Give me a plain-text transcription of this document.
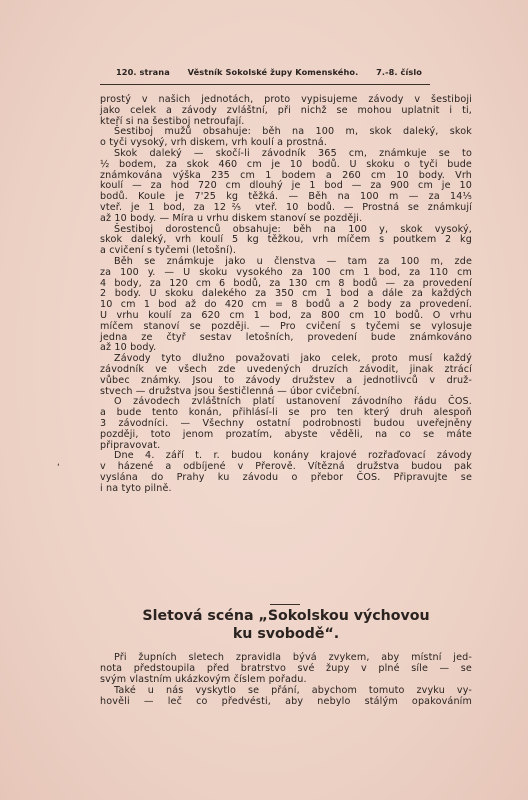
120. strana Věstník Sokolské župy Komenského. 7.-8. číslo
prostý v našich jednotách, proto vypisujeme závody v šestiboji
jako celek a závody zvláštní, při nichž se mohou uplatnit i ti,
kteří si na šestiboj netroufají.
Šestiboj mužů obsahuje: běh na 100 m, skok daleký, skok
o tyči vysoký, vrh diskem, vrh koulí a prostná.
Skok daleký — skočí-li závodník 365 cm, známkuje se to
½ bodem, za skok 460 cm je 10 bodů. U skoku o tyči bude
známkována výška 235 cm 1 bodem a 260 cm 10 body. Vrh
koulí — za hod 720 cm dlouhý je 1 bod — za 900 cm je 10
bodů. Koule je 7'25 kg těžká. — Běh na 100 m — za 14⅕
vteř. je 1 bod, za 12⅖ vteř. 10 bodů. — Prostná se známkují
až 10 body. — Míra u vrhu diskem stanoví se později.
Šestiboj dorostenců obsahuje: běh na 100 y, skok vysoký,
skok daleký, vrh koulí 5 kg těžkou, vrh míčem s poutkem 2 kg
a cvičení s tyčemi (letošní).
Běh se známkuje jako u členstva — tam za 100 m, zde
za 100 y. — U skoku vysokého za 100 cm 1 bod, za 110 cm
4 body, za 120 cm 6 bodů, za 130 cm 8 bodů — za provedení
2 body. U skoku dalekého za 350 cm 1 bod a dále za každých
10 cm 1 bod až do 420 cm = 8 bodů a 2 body za provedení.
U vrhu koulí za 620 cm 1 bod, za 800 cm 10 bodů. O vrhu
míčem stanoví se později. — Pro cvičení s tyčemi se vylosuje
jedna ze čtyř sestav letošních, provedení bude známkováno
až 10 body.
Závody tyto dlužno považovati jako celek, proto musí každý
závodník ve všech zde uvedených druzích závodit, jinak ztrácí
vůbec známky. Jsou to závody družstev a jednotlivců v druž-
stvech — družstva jsou šestičlenná — úbor cvičební.
O závodech zvláštních platí ustanovení závodního řádu ČOS.
a bude tento konán, přihlásí-li se pro ten který druh alespoň
3 závodníci. — Všechny ostatní podrobnosti budou uveřejněny
později, toto jenom prozatím, abyste věděli, na co se máte
připravovat.
Dne 4. září t. r. budou konány krajové rozřaďovací závody
v házené a odbíjené v Přerově. Vítězná družstva budou pak
vyslána do Prahy ku závodu o přebor ČOS. Připravujte se
i na tyto pilně.
‘
Sletová scéna „Sokolskou výchovou
ku svobodě“.
Při župních sletech zpravidla bývá zvykem, aby místní jed-
nota předstoupila před bratrstvo své župy v plné síle — se
svým vlastním ukázkovým číslem pořadu.
Také u nás vyskytlo se přání, abychom tomuto zvyku vy-
hověli — leč co předvésti, aby nebylo stálým opakováním
